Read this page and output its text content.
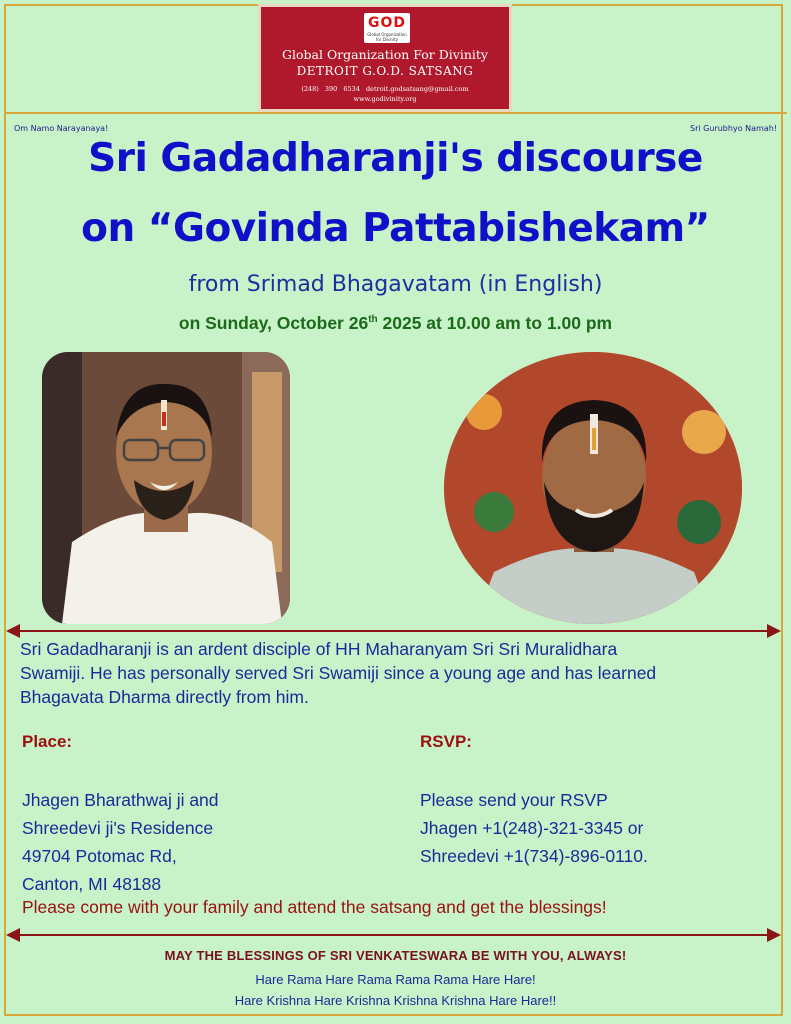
GOD
Global Organization for Divinity
Global Organization For Divinity
DETROIT G.O.D. SATSANG
(248) 390 6534 detroit.godsatsang@gmail.com
www.godivinity.org
Om Namo Narayanaya!	Sri Gurubhyo Namah!
Sri Gadadharanji's discourse
on “Govinda Pattabishekam”
from Srimad Bhagavatam (in English)
on Sunday, October 26th 2025 at 10.00 am to 1.00 pm
Sri Gadadharanji is an ardent disciple of HH Maharanyam Sri Sri Muralidhara
Swamiji. He has personally served Sri Swamiji since a young age and has learned
Bhagavata Dharma directly from him.
Place:	RSVP:
Jhagen Bharathwaj ji and
Shreedevi ji's Residence
49704 Potomac Rd,
Canton, MI 48188
Please send your RSVP
Jhagen +1(248)-321-3345 or
Shreedevi +1(734)-896-0110.
Please come with your family and attend the satsang and get the blessings!
MAY THE BLESSINGS OF SRI VENKATESWARA BE WITH YOU, ALWAYS!
Hare Rama Hare Rama Rama Rama Hare Hare!
Hare Krishna Hare Krishna Krishna Krishna Hare Hare!!
